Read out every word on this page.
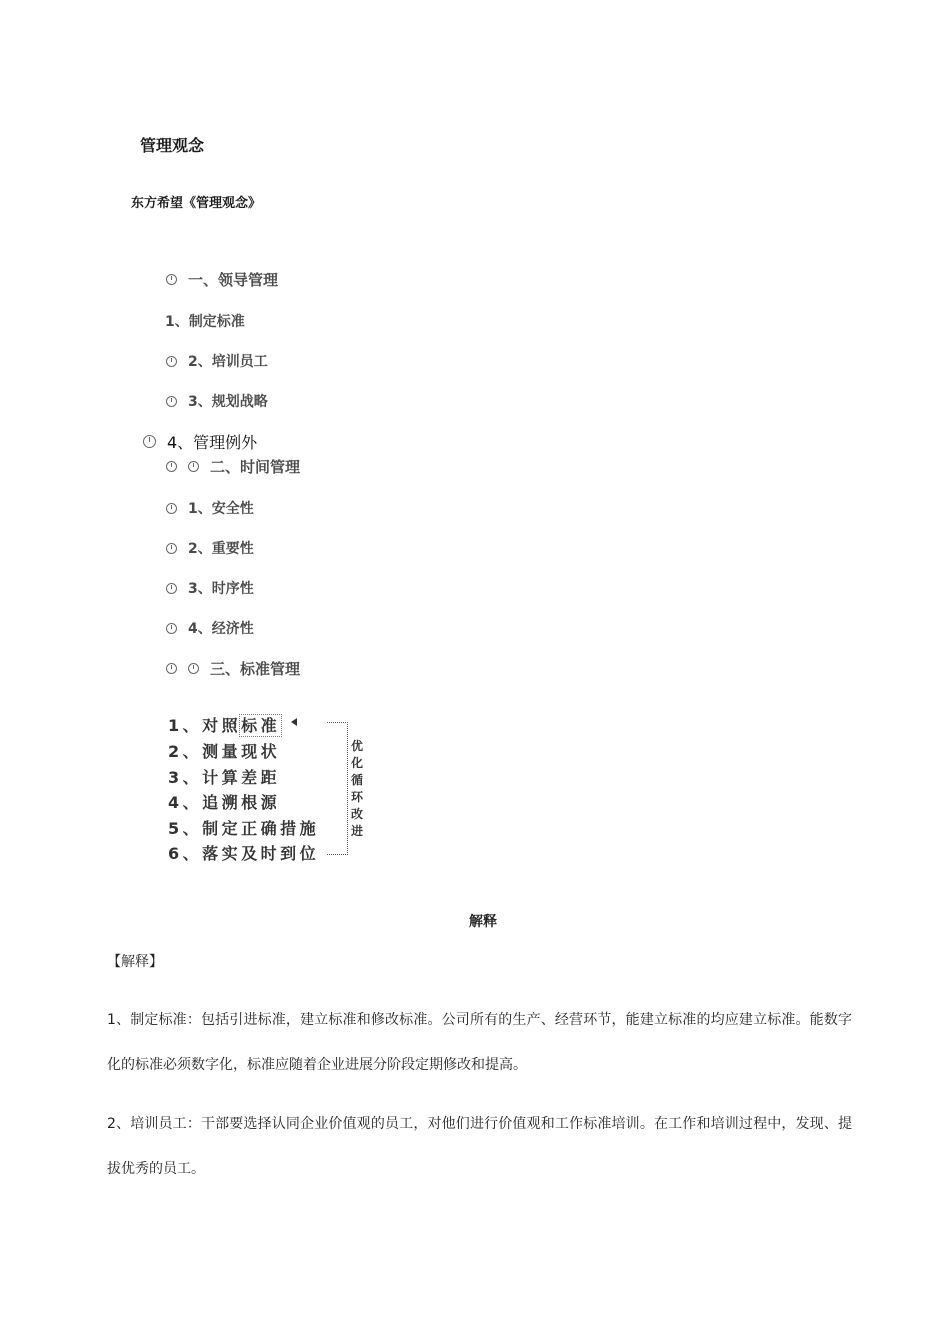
管理观念
东方希望《管理观念》
一、领导管理
1、制定标准
2、培训员工
3、规划战略
4、管理例外
二、时间管理
1、安全性
2、重要性
3、时序性
4、经济性
三、标准管理
1、对照标准
2、测量现状
3、计算差距
4、追溯根源
5、制定正确措施
6、落实及时到位
优化循环改进
解释
【解释】
1、制定标准：包括引进标准，建立标准和修改标准。公司所有的生产、经营环节，能建立标准的均应建立标准。能数字化的标准必须数字化，标准应随着企业进展分阶段定期修改和提高。
2、培训员工：干部要选择认同企业价值观的员工，对他们进行价值观和工作标准培训。在工作和培训过程中，发现、提拔优秀的员工。
